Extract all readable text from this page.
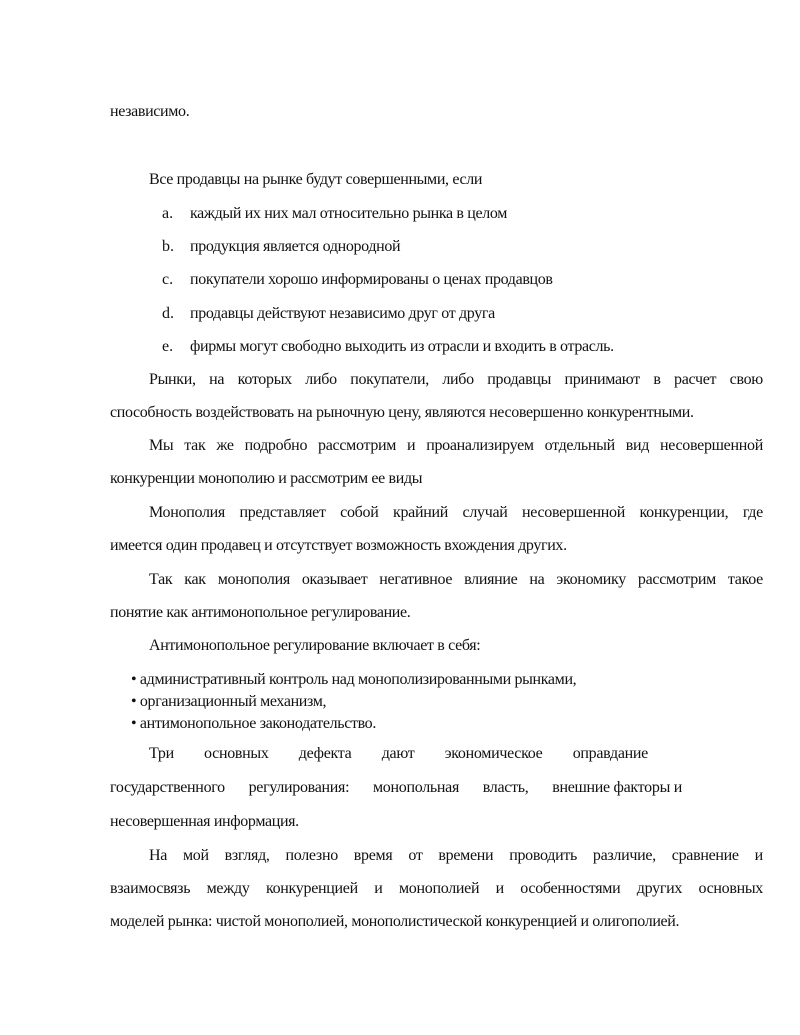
независимо.
Все продавцы на рынке будут совершенными, если
a. каждый их них мал относительно рынка в целом
b. продукция является однородной
c. покупатели хорошо информированы о ценах продавцов
d. продавцы действуют независимо друг от друга
e. фирмы могут свободно выходить из отрасли и входить в отрасль.
Рынки, на которых либо покупатели, либо продавцы принимают в расчет свою
способность воздействовать на рыночную цену, являются несовершенно конкурентными.
Мы так же подробно рассмотрим и проанализируем отдельный вид несовершенной
конкуренции монополию и рассмотрим ее виды
Монополия представляет собой крайний случай несовершенной конкуренции, где
имеется один продавец и отсутствует возможность вхождения других.
Так как монополия оказывает негативное влияние на экономику рассмотрим такое
понятие как антимонопольное регулирование.
Антимонопольное регулирование включает в себя:
• административный контроль над монополизированными рынками,
• организационный механизм,
• антимонопольное законодательство.
Три основных дефекта дают экономическое оправдание
государственного регулирования: монопольная власть, внешние факторы и
несовершенная информация.
На мой взгляд, полезно время от времени проводить различие, сравнение и
взаимосвязь между конкуренцией и монополией и особенностями других основных
моделей рынка: чистой монополией, монополистической конкуренцией и олигополией.
